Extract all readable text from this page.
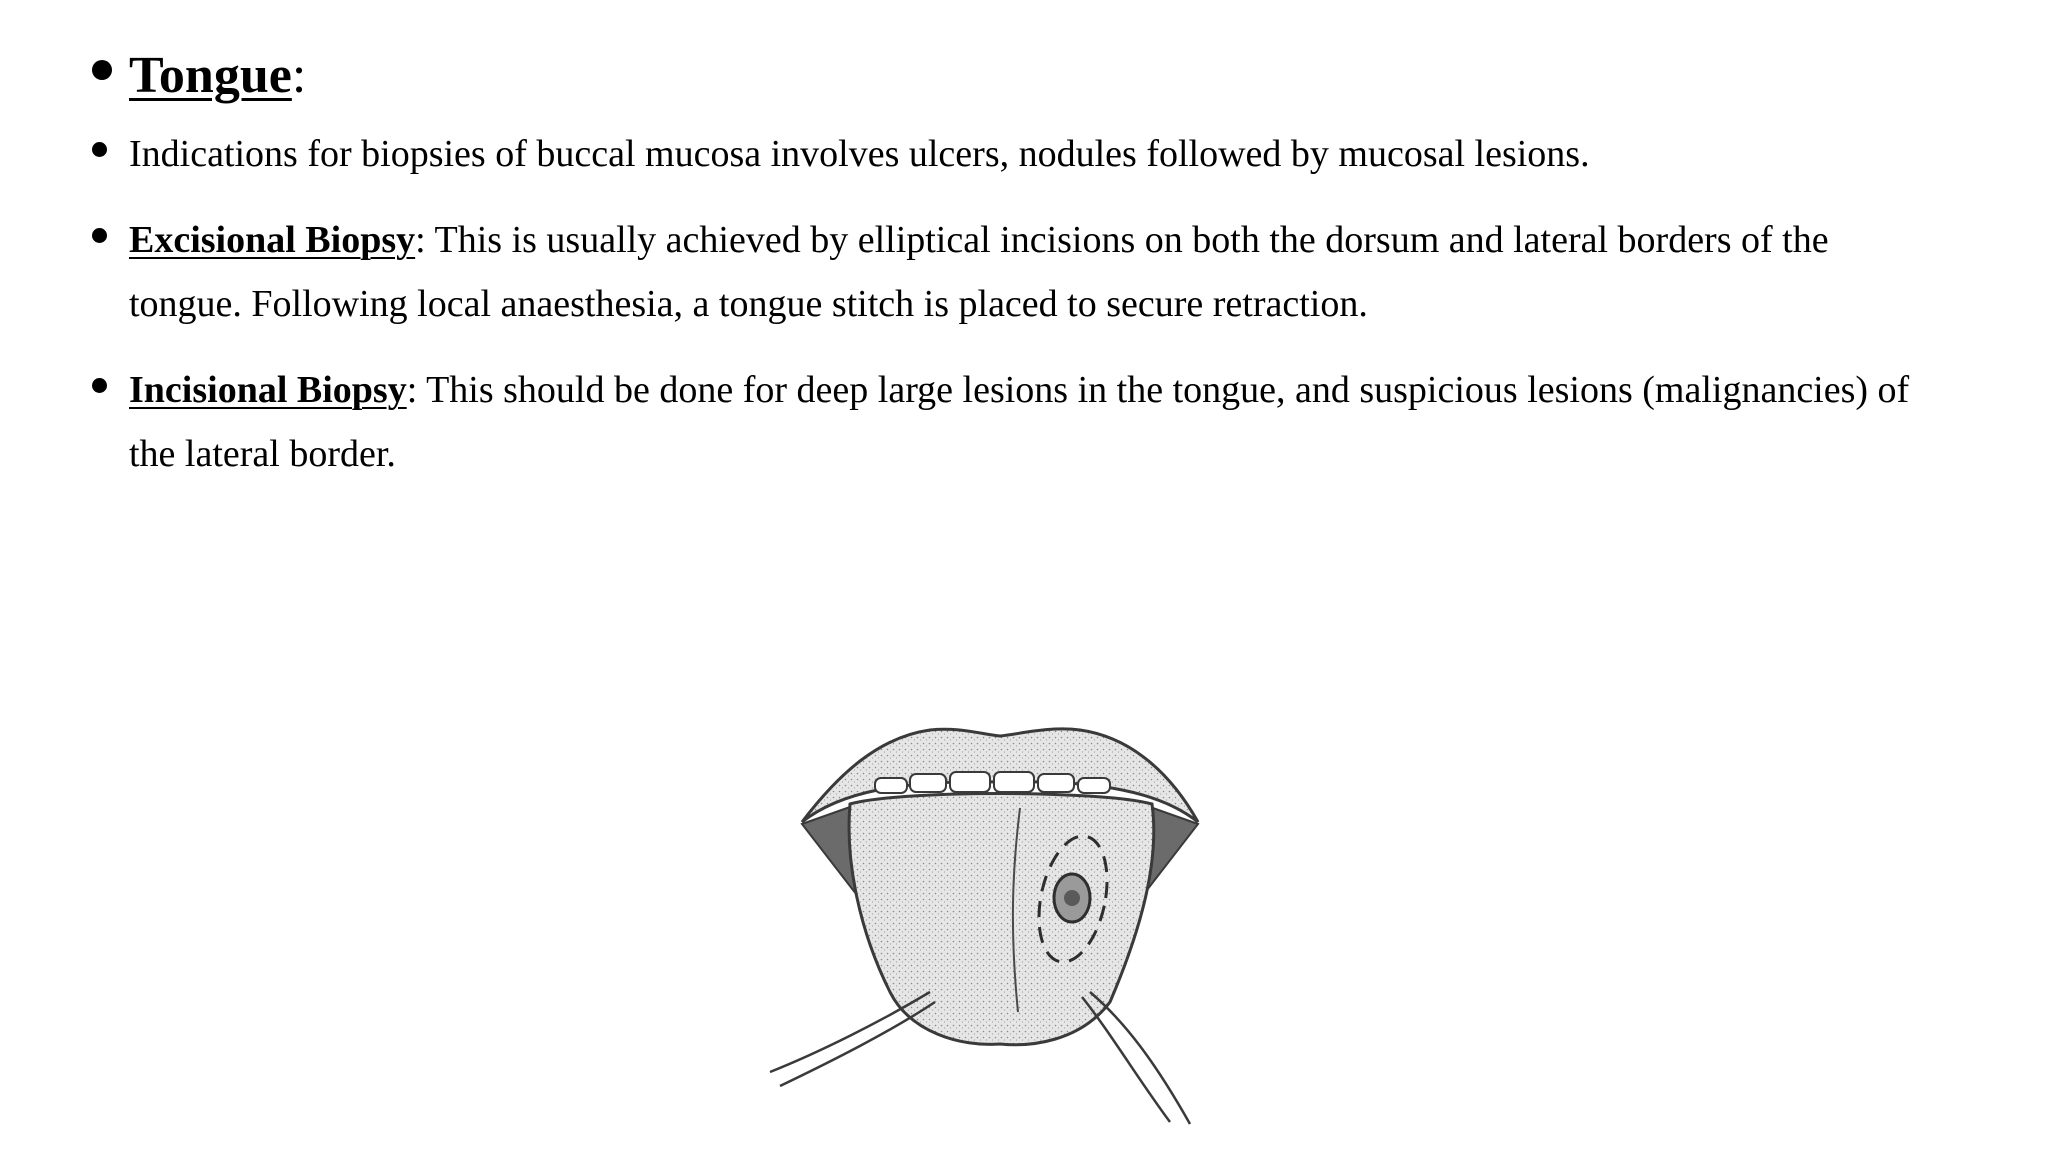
Tongue:
Indications for biopsies of buccal mucosa involves ulcers, nodules followed by mucosal lesions.
Excisional Biopsy: This is usually achieved by elliptical incisions on both the dorsum and lateral borders of the tongue. Following local anaesthesia, a tongue stitch is placed to secure retraction.
Incisional Biopsy: This should be done for deep large lesions in the tongue, and suspicious lesions (malignancies) of the lateral border.
